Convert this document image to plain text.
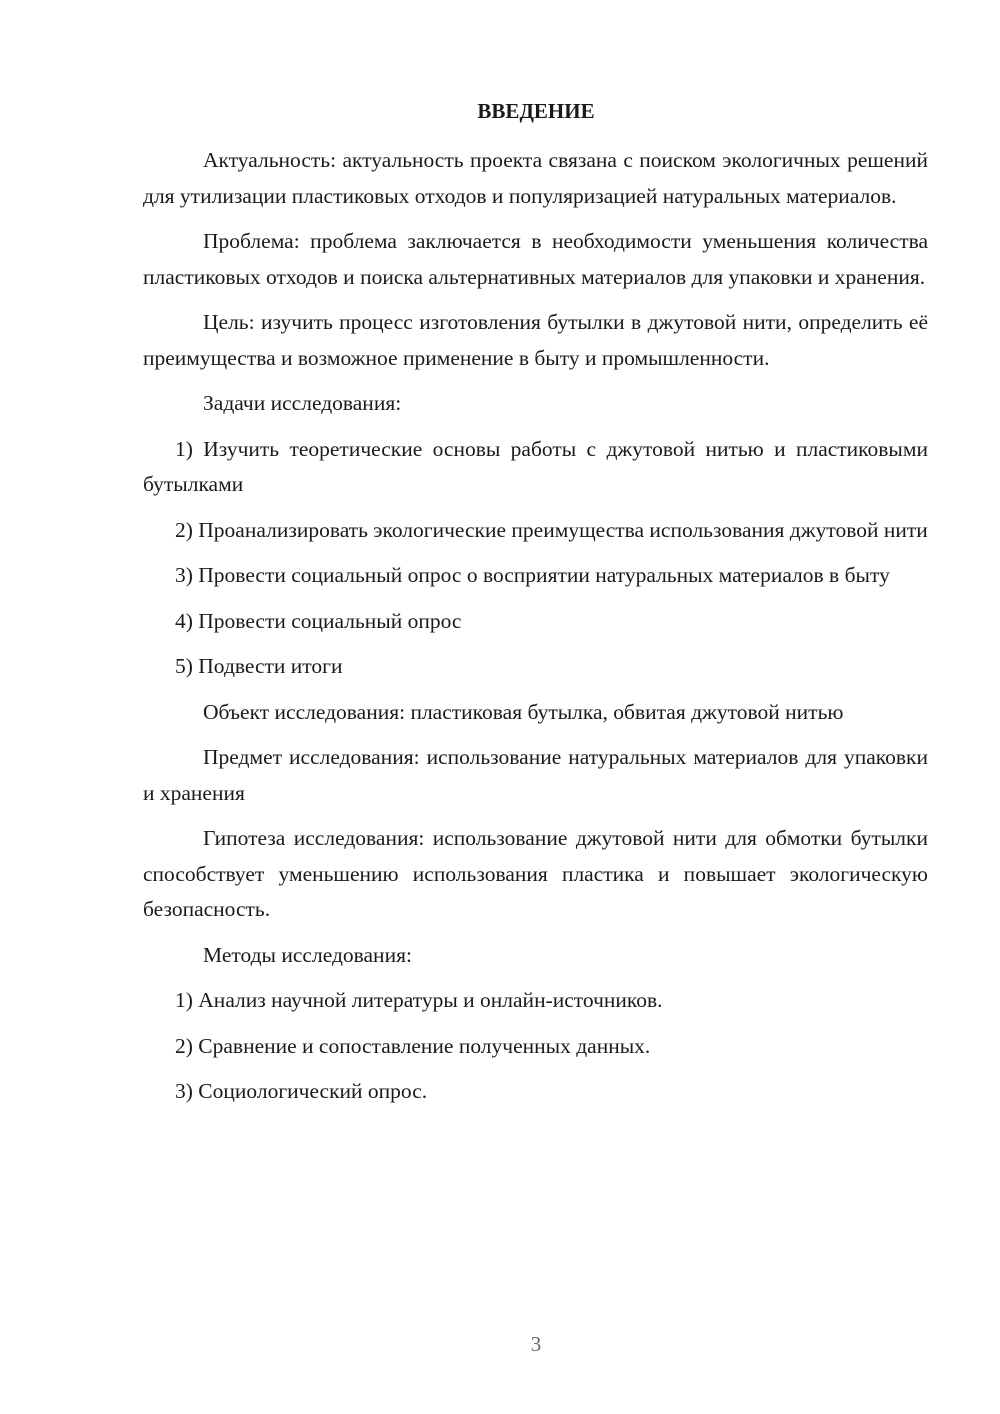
ВВЕДЕНИЕ

Актуальность: актуальность проекта связана с поиском экологичных решений для утилизации пластиковых отходов и популяризацией натуральных материалов.

Проблема: проблема заключается в необходимости уменьшения количества пластиковых отходов и поиска альтернативных материалов для упаковки и хранения.

Цель: изучить процесс изготовления бутылки в джутовой нити, определить её преимущества и возможное применение в быту и промышленности.

Задачи исследования:

1) Изучить теоретические основы работы с джутовой нитью и пластиковыми бутылками

2) Проанализировать экологические преимущества использования джутовой нити

3) Провести социальный опрос о восприятии натуральных материалов в быту

4) Провести социальный опрос

5) Подвести итоги

Объект исследования: пластиковая бутылка, обвитая джутовой нитью

Предмет исследования: использование натуральных материалов для упаковки и хранения

Гипотеза исследования: использование джутовой нити для обмотки бутылки способствует уменьшению использования пластика и повышает экологическую безопасность.

Методы исследования:

1) Анализ научной литературы и онлайн-источников.

2) Сравнение и сопоставление полученных данных.

3) Социологический опрос.

3
